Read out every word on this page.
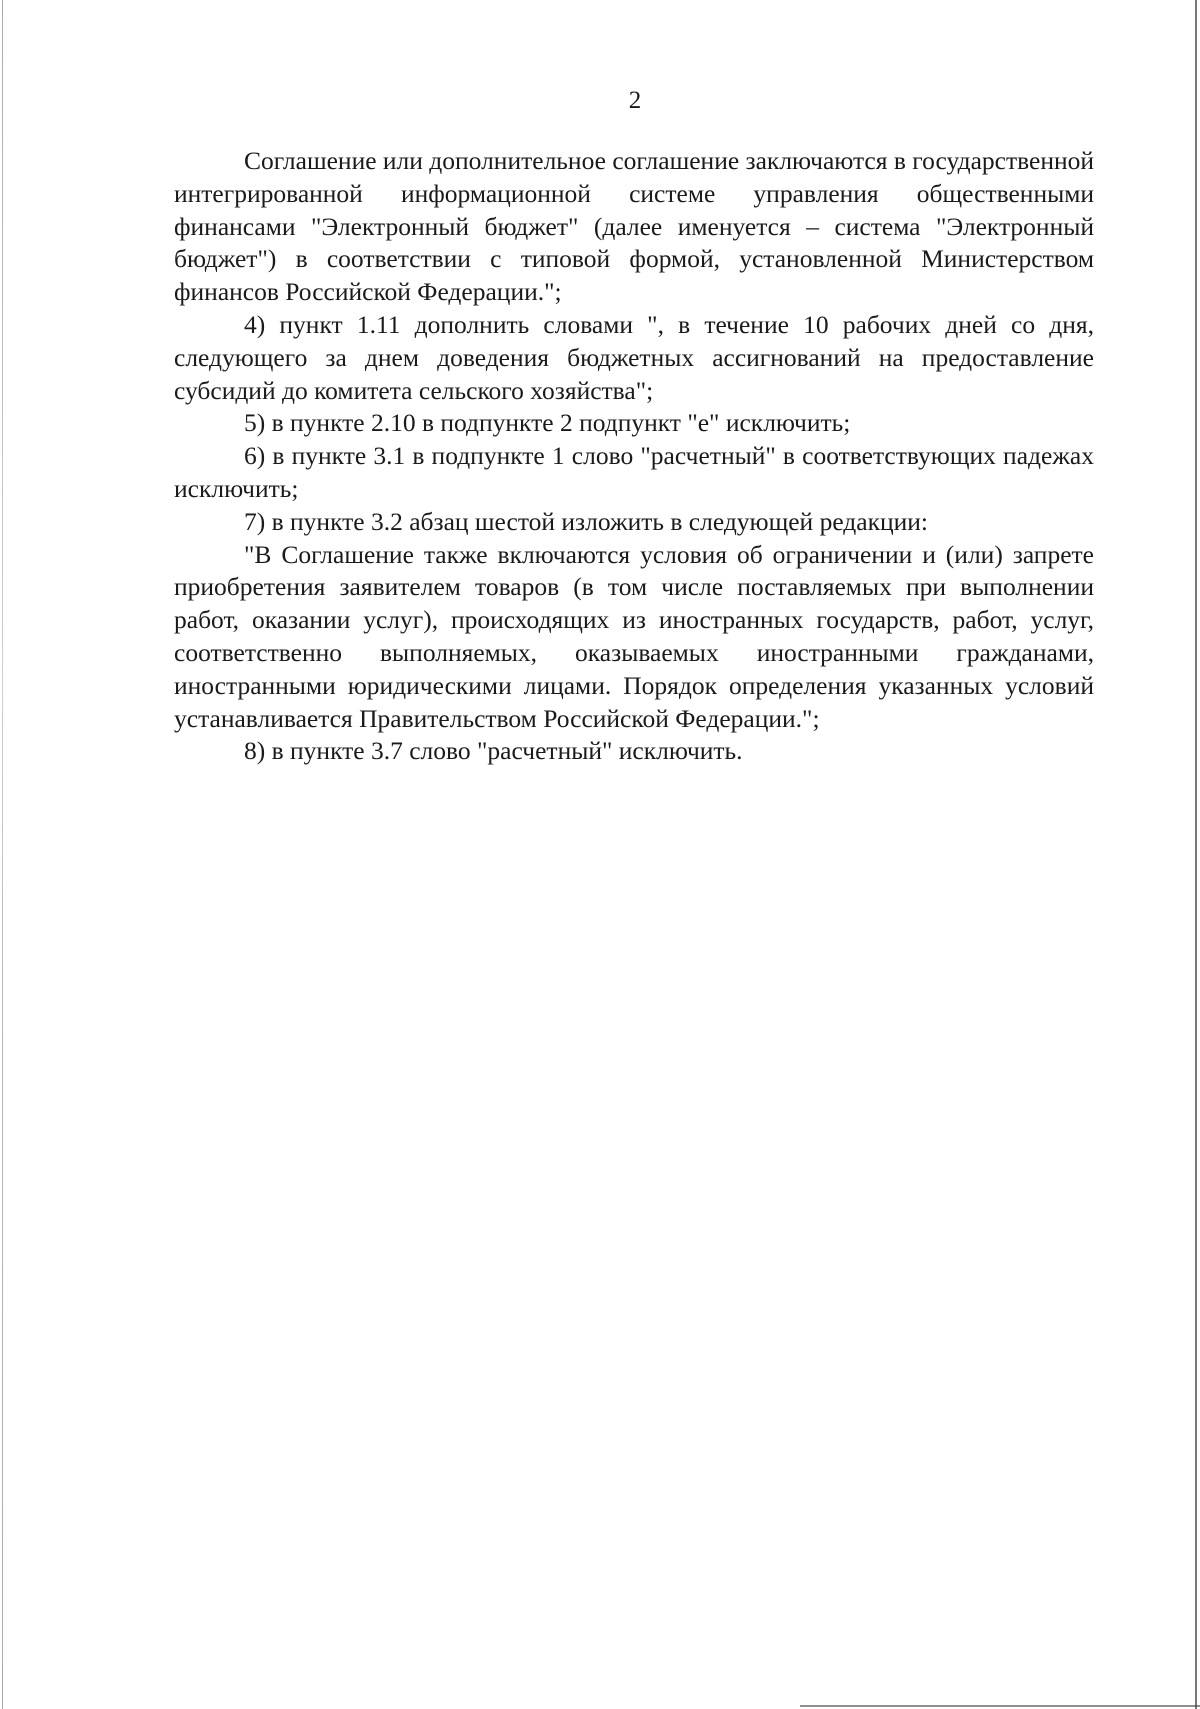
2

Соглашение или дополнительное соглашение заключаются в государственной интегрированной информационной системе управления общественными финансами "Электронный бюджет" (далее именуется – система "Электронный бюджет") в соответствии с типовой формой, установленной Министерством финансов Российской Федерации.";

4) пункт 1.11 дополнить словами ", в течение 10 рабочих дней со дня, следующего за днем доведения бюджетных ассигнований на предоставление субсидий до комитета сельского хозяйства";

5) в пункте 2.10 в подпункте 2 подпункт "е" исключить;

6) в пункте 3.1 в подпункте 1 слово "расчетный" в соответствующих падежах исключить;

7) в пункте 3.2 абзац шестой изложить в следующей редакции:

"В Соглашение также включаются условия об ограничении и (или) запрете приобретения заявителем товаров (в том числе поставляемых при выполнении работ, оказании услуг), происходящих из иностранных государств, работ, услуг, соответственно выполняемых, оказываемых иностранными гражданами, иностранными юридическими лицами. Порядок определения указанных условий устанавливается Правительством Российской Федерации.";

8) в пункте 3.7 слово "расчетный" исключить.
